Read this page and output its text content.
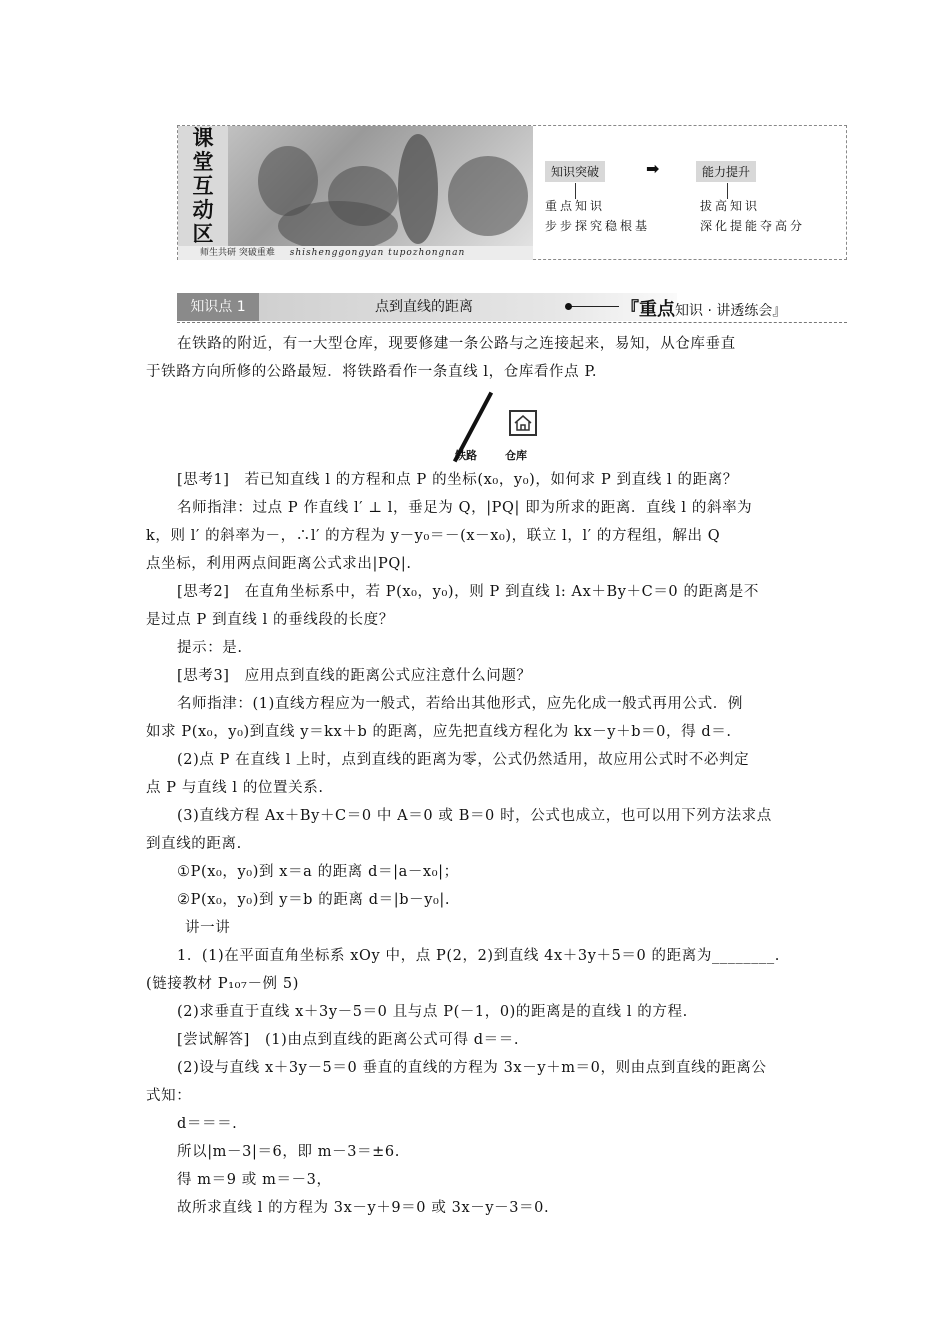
课
堂
互
动
区
师生共研 突破重难 shishenggongyan tupozhongnan
知识突破	➡	能力提升
重点知识
步步探究稳根基
拔高知识
深化提能夺高分
知识点 1	点到直线的距离	『重点知识 · 讲透练会』
在铁路的附近，有一大型仓库，现要修建一条公路与之连接起来，易知，从仓库垂直
于铁路方向所修的公路最短．将铁路看作一条直线 l，仓库看作点 P.
铁路	仓库
[思考1]　若已知直线 l 的方程和点 P 的坐标(x₀，y₀)，如何求 P 到直线 l 的距离？
名师指津：过点 P 作直线 l′ ⊥ l，垂足为 Q，|PQ| 即为所求的距离．直线 l 的斜率为
k，则 l′ 的斜率为－，∴l′ 的方程为 y－y₀＝－(x－x₀)，联立 l，l′ 的方程组，解出 Q
点坐标，利用两点间距离公式求出|PQ|.
[思考2]　在直角坐标系中，若 P(x₀，y₀)，则 P 到直线 l: Ax＋By＋C＝0 的距离是不
是过点 P 到直线 l 的垂线段的长度？
提示：是.
[思考3]　应用点到直线的距离公式应注意什么问题？
名师指津：(1)直线方程应为一般式，若给出其他形式，应先化成一般式再用公式．例
如求 P(x₀，y₀)到直线 y＝kx＋b 的距离，应先把直线方程化为 kx－y＋b＝0，得 d＝.
(2)点 P 在直线 l 上时，点到直线的距离为零，公式仍然适用，故应用公式时不必判定
点 P 与直线 l 的位置关系.
(3)直线方程 Ax＋By＋C＝0 中 A＝0 或 B＝0 时，公式也成立，也可以用下列方法求点
到直线的距离.
①P(x₀，y₀)到 x＝a 的距离 d＝|a－x₀|；
②P(x₀，y₀)到 y＝b 的距离 d＝|b－y₀|.
讲一讲
1．(1)在平面直角坐标系 xOy 中，点 P(2，2)到直线 4x＋3y＋5＝0 的距离为________.
(链接教材 P₁₀₇－例 5)
(2)求垂直于直线 x＋3y－5＝0 且与点 P(－1，0)的距离是的直线 l 的方程.
[尝试解答]　(1)由点到直线的距离公式可得 d＝＝.
(2)设与直线 x＋3y－5＝0 垂直的直线的方程为 3x－y＋m＝0，则由点到直线的距离公
式知：
d＝＝＝.
所以|m－3|＝6，即 m－3＝±6.
得 m＝9 或 m＝－3，
故所求直线 l 的方程为 3x－y＋9＝0 或 3x－y－3＝0.
